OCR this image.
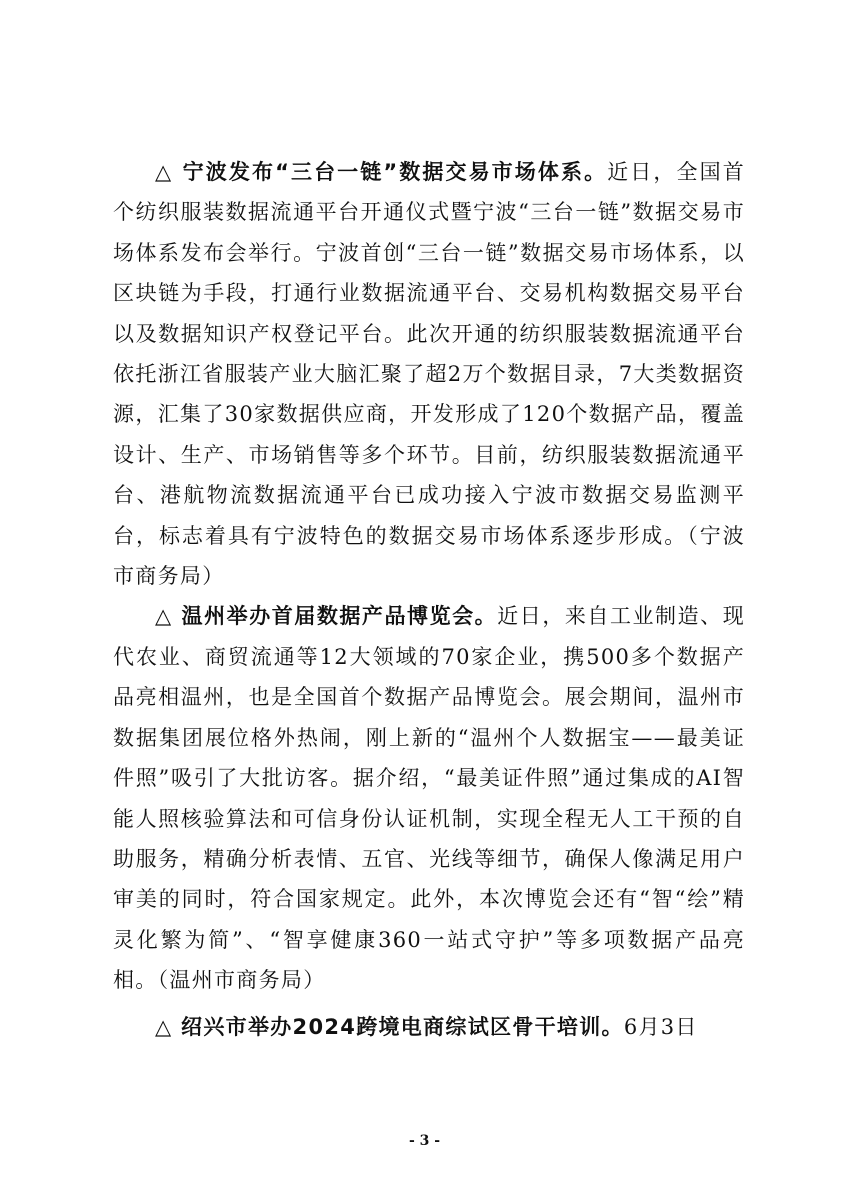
△ 宁波发布“三台一链”数据交易市场体系。近日，全国首个纺织服装数据流通平台开通仪式暨宁波“三台一链”数据交易市场体系发布会举行。宁波首创“三台一链”数据交易市场体系，以区块链为手段，打通行业数据流通平台、交易机构数据交易平台以及数据知识产权登记平台。此次开通的纺织服装数据流通平台依托浙江省服装产业大脑汇聚了超2万个数据目录，7大类数据资源，汇集了30家数据供应商，开发形成了120个数据产品，覆盖设计、生产、市场销售等多个环节。目前，纺织服装数据流通平台、港航物流数据流通平台已成功接入宁波市数据交易监测平台，标志着具有宁波特色的数据交易市场体系逐步形成。（宁波市商务局）

△ 温州举办首届数据产品博览会。近日，来自工业制造、现代农业、商贸流通等12大领域的70家企业，携500多个数据产品亮相温州，也是全国首个数据产品博览会。展会期间，温州市数据集团展位格外热闹，刚上新的“温州个人数据宝——最美证件照”吸引了大批访客。据介绍，“最美证件照”通过集成的AI智能人照核验算法和可信身份认证机制，实现全程无人工干预的自助服务，精确分析表情、五官、光线等细节，确保人像满足用户审美的同时，符合国家规定。此外，本次博览会还有“智“绘”精灵化繁为简”、“智享健康360一站式守护”等多项数据产品亮相。（温州市商务局）

△ 绍兴市举办2024跨境电商综试区骨干培训。6月3日

- 3 -
